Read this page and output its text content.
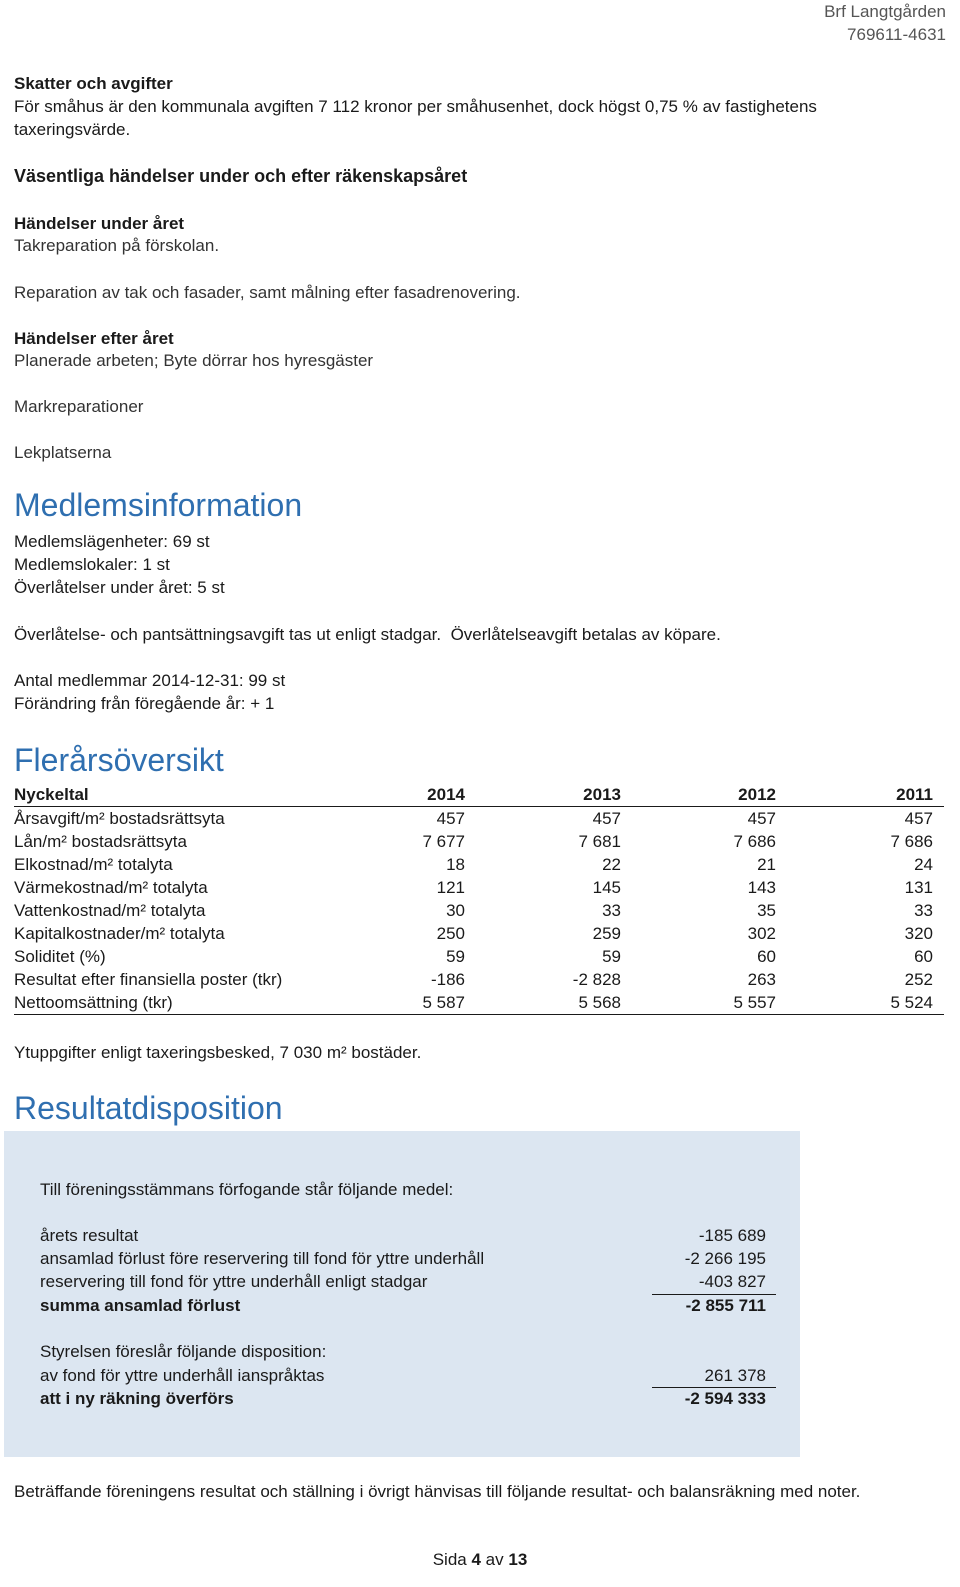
Brf Langtgården
769611-4631
Skatter och avgifter
För småhus är den kommunala avgiften 7 112 kronor per småhusenhet, dock högst 0,75 % av fastighetens taxeringsvärde.
Väsentliga händelser under och efter räkenskapsåret
Händelser under året
Takreparation på förskolan.
Reparation av tak och fasader, samt målning efter fasadrenovering.
Händelser efter året
Planerade arbeten; Byte dörrar hos hyresgäster
Markreparationer
Lekplatserna
Medlemsinformation
Medlemslägenheter: 69 st
Medlemslokaler: 1 st
Överlåtelser under året: 5 st
Överlåtelse- och pantsättningsavgift tas ut enligt stadgar.  Överlåtelseavgift betalas av köpare.
Antal medlemmar 2014-12-31: 99 st
Förändring från föregående år: + 1
Flerårsöversikt
Nyckeltal	2014	2013	2012	2011
Årsavgift/m² bostadsrättsyta	457	457	457	457
Lån/m² bostadsrättsyta	7 677	7 681	7 686	7 686
Elkostnad/m² totalyta	18	22	21	24
Värmekostnad/m² totalyta	121	145	143	131
Vattenkostnad/m² totalyta	30	33	35	33
Kapitalkostnader/m² totalyta	250	259	302	320
Soliditet (%)	59	59	60	60
Resultat efter finansiella poster (tkr)	-186	-2 828	263	252
Nettoomsättning (tkr)	5 587	5 568	5 557	5 524
Ytuppgifter enligt taxeringsbesked, 7 030 m² bostäder.
Resultatdisposition
Till föreningsstämmans förfogande står följande medel:
årets resultat	-185 689
ansamlad förlust före reservering till fond för yttre underhåll	-2 266 195
reservering till fond för yttre underhåll enligt stadgar	-403 827
summa ansamlad förlust	-2 855 711
Styrelsen föreslår följande disposition:
av fond för yttre underhåll ianspråktas	261 378
att i ny räkning överförs	-2 594 333
Beträffande föreningens resultat och ställning i övrigt hänvisas till följande resultat- och balansräkning med noter.
Sida 4 av 13
